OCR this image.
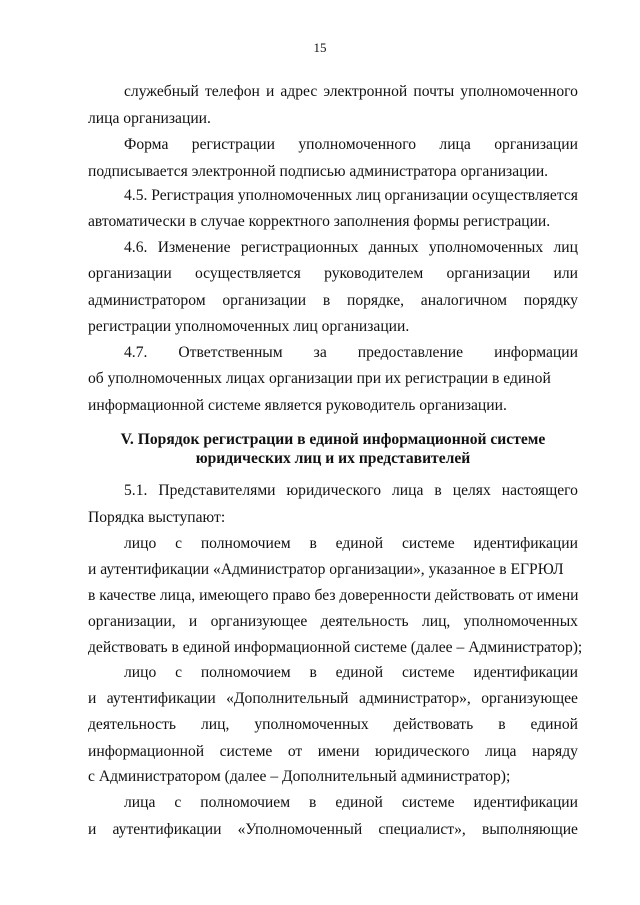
15
служебный телефон и адрес электронной почты уполномоченного
лица организации.
Форма регистрации уполномоченного лица организации
подписывается электронной подписью администратора организации.
4.5. Регистрация уполномоченных лиц организации осуществляется
автоматически в случае корректного заполнения формы регистрации.
4.6. Изменение регистрационных данных уполномоченных лиц
организации осуществляется руководителем организации или
администратором организации в порядке, аналогичном порядку
регистрации уполномоченных лиц организации.
4.7. Ответственным за предоставление информации
об уполномоченных лицах организации при их регистрации в единой
информационной системе является руководитель организации.
V. Порядок регистрации в единой информационной системе
юридических лиц и их представителей
5.1. Представителями юридического лица в целях настоящего
Порядка выступают:
лицо с полномочием в единой системе идентификации
и аутентификации «Администратор организации», указанное в ЕГРЮЛ
в качестве лица, имеющего право без доверенности действовать от имени
организации, и организующее деятельность лиц, уполномоченных
действовать в единой информационной системе (далее – Администратор);
лицо с полномочием в единой системе идентификации
и аутентификации «Дополнительный администратор», организующее
деятельность лиц, уполномоченных действовать в единой
информационной системе от имени юридического лица наряду
с Администратором (далее – Дополнительный администратор);
лица с полномочием в единой системе идентификации
и аутентификации «Уполномоченный специалист», выполняющие
